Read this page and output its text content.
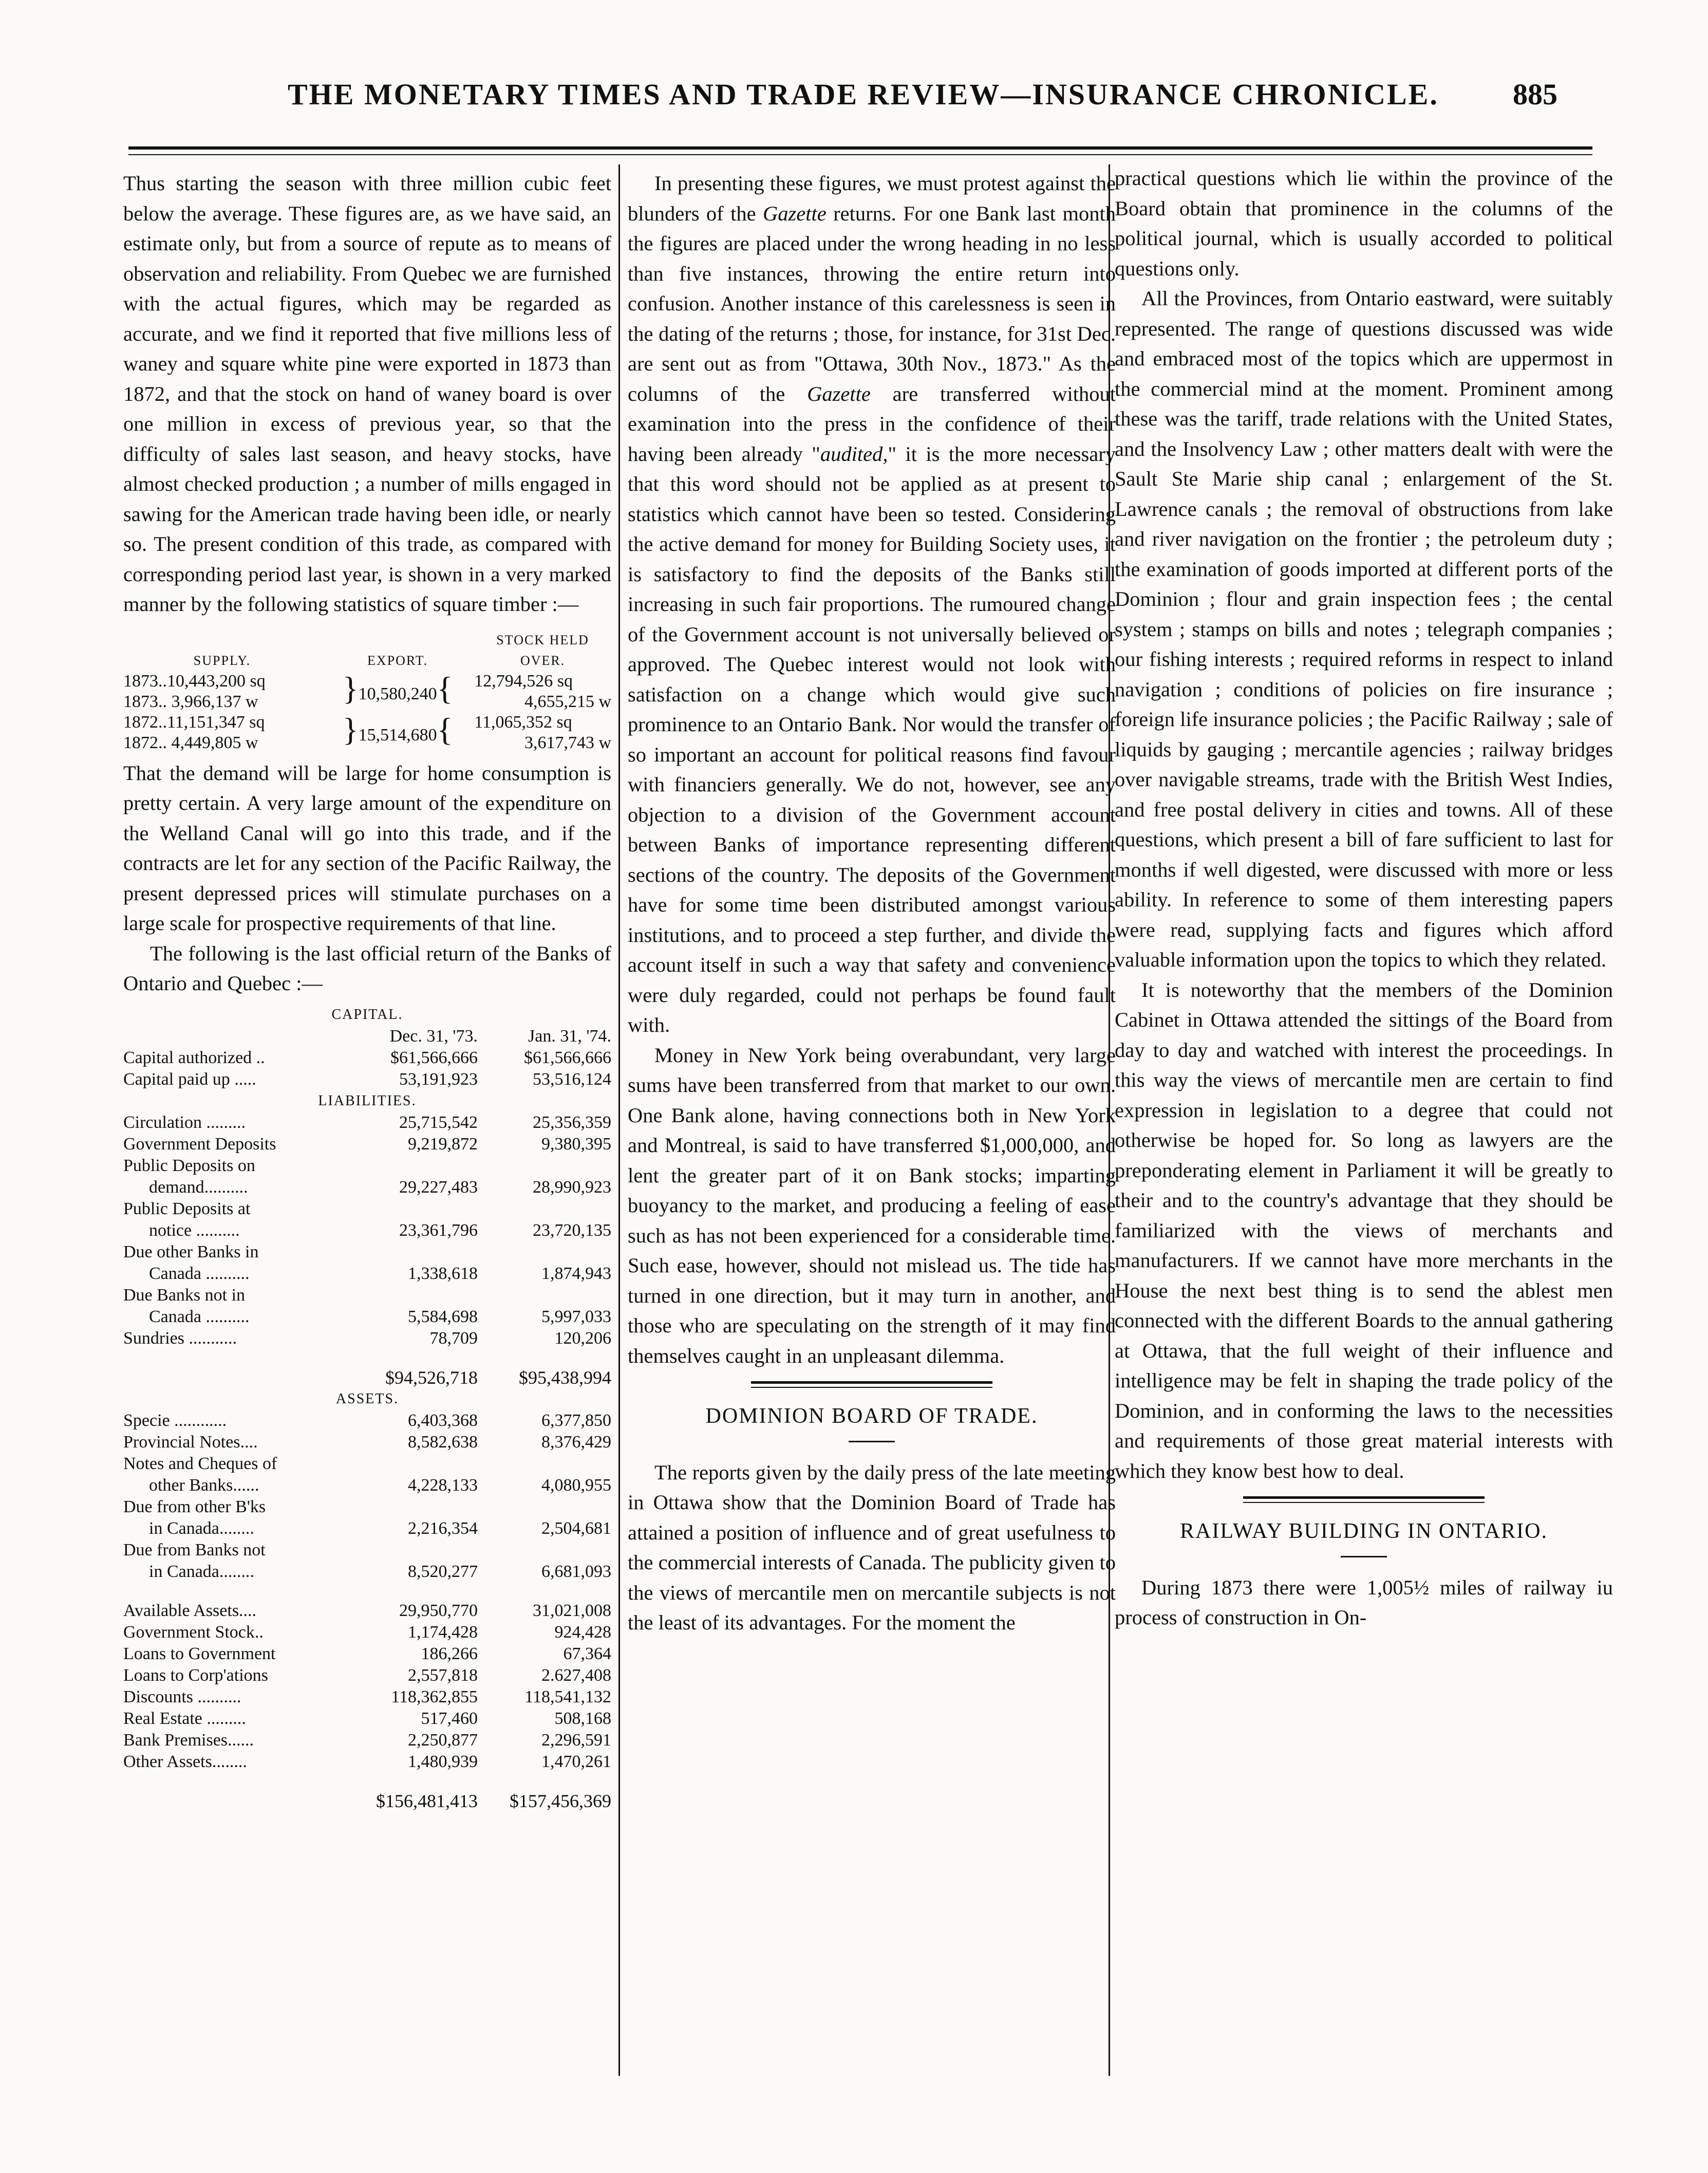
THE MONETARY TIMES AND TRADE REVIEW—INSURANCE CHRONICLE. 885

Thus starting the season with three million cubic feet below the average. These figures are, as we have said, an estimate only, but from a source of repute as to means of observation and reliability. From Quebec we are furnished with the actual figures, which may be regarded as accurate, and we find it reported that five millions less of waney and square white pine were exported in 1873 than 1872, and that the stock on hand of waney board is over one million in excess of previous year, so that the difficulty of sales last season, and heavy stocks, have almost checked production ; a number of mills engaged in sawing for the American trade having been idle, or nearly so. The present condition of this trade, as compared with corresponding period last year, is shown in a very marked manner by the following statistics of square timber :—

		STOCK HELD
SUPPLY.	EXPORT.	OVER.
1873..10,443,200 sq	}10,580,240{	12,794,526 sq
1873.. 3,966,137 w		4,655,215 w
1872..11,151,347 sq	}15,514,680{	11,065,352 sq
1872.. 4,449,805 w		3,617,743 w

That the demand will be large for home consumption is pretty certain. A very large amount of the expenditure on the Welland Canal will go into this trade, and if the contracts are let for any section of the Pacific Railway, the present depressed prices will stimulate purchases on a large scale for prospective requirements of that line.

The following is the last official return of the Banks of Ontario and Quebec :—

CAPITAL.		
	Dec. 31, '73.	Jan. 31, '74.
Capital authorized ..	$61,566,666	$61,566,666
Capital paid up .....	53,191,923	53,516,124
LIABILITIES.		
Circulation .........	25,715,542	25,356,359
Government Deposits	9,219,872	9,380,395
Public Deposits on		
demand..........	29,227,483	28,990,923
Public Deposits at		
notice ..........	23,361,796	23,720,135
Due other Banks in		
Canada ..........	1,338,618	1,874,943
Due Banks not in		
Canada ..........	5,584,698	5,997,033
Sundries ...........	78,709	120,206
	$94,526,718	$95,438,994
ASSETS.		
Specie ............	6,403,368	6,377,850
Provincial Notes....	8,582,638	8,376,429
Notes and Cheques of		
other Banks......	4,228,133	4,080,955
Due from other B'ks		
in Canada........	2,216,354	2,504,681
Due from Banks not		
in Canada........	8,520,277	6,681,093

Available Assets....	29,950,770	31,021,008
Government Stock..	1,174,428	924,428
Loans to Government	186,266	67,364
Loans to Corp'ations	2,557,818	2.627,408
Discounts ..........	118,362,855	118,541,132
Real Estate .........	517,460	508,168
Bank Premises......	2,250,877	2,296,591
Other Assets........	1,480,939	1,470,261
	$156,481,413	$157,456,369

In presenting these figures, we must protest against the blunders of the Gazette returns. For one Bank last month the figures are placed under the wrong heading in no less than five instances, throwing the entire return into confusion. Another instance of this carelessness is seen in the dating of the returns ; those, for instance, for 31st Dec. are sent out as from "Ottawa, 30th Nov., 1873." As the columns of the Gazette are transferred without examination into the press in the confidence of their having been already "audited," it is the more necessary that this word should not be applied as at present to statistics which cannot have been so tested. Considering the active demand for money for Building Society uses, it is satisfactory to find the deposits of the Banks still increasing in such fair proportions. The rumoured change of the Government account is not universally believed or approved. The Quebec interest would not look with satisfaction on a change which would give such prominence to an Ontario Bank. Nor would the transfer of so important an account for political reasons find favour with financiers generally. We do not, however, see any objection to a division of the Government account between Banks of importance representing different sections of the country. The deposits of the Government have for some time been distributed amongst various institutions, and to proceed a step further, and divide the account itself in such a way that safety and convenience were duly regarded, could not perhaps be found fault with.

Money in New York being overabundant, very large sums have been transferred from that market to our own. One Bank alone, having connections both in New York and Montreal, is said to have transferred $1,000,000, and lent the greater part of it on Bank stocks; imparting buoyancy to the market, and producing a feeling of ease such as has not been experienced for a considerable time. Such ease, however, should not mislead us. The tide has turned in one direction, but it may turn in another, and those who are speculating on the strength of it may find themselves caught in an unpleasant dilemma.

DOMINION BOARD OF TRADE.

The reports given by the daily press of the late meeting in Ottawa show that the Dominion Board of Trade has attained a position of influence and of great usefulness to the commercial interests of Canada. The publicity given to the views of mercantile men on mercantile subjects is not the least of its advantages. For the moment the

practical questions which lie within the province of the Board obtain that prominence in the columns of the political journal, which is usually accorded to political questions only.

All the Provinces, from Ontario eastward, were suitably represented. The range of questions discussed was wide and embraced most of the topics which are uppermost in the commercial mind at the moment. Prominent among these was the tariff, trade relations with the United States, and the Insolvency Law ; other matters dealt with were the Sault Ste Marie ship canal ; enlargement of the St. Lawrence canals ; the removal of obstructions from lake and river navigation on the frontier ; the petroleum duty ; the examination of goods imported at different ports of the Dominion ; flour and grain inspection fees ; the cental system ; stamps on bills and notes ; telegraph companies ; our fishing interests ; required reforms in respect to inland navigation ; conditions of policies on fire insurance ; foreign life insurance policies ; the Pacific Railway ; sale of liquids by gauging ; mercantile agencies ; railway bridges over navigable streams, trade with the British West Indies, and free postal delivery in cities and towns. All of these questions, which present a bill of fare sufficient to last for months if well digested, were discussed with more or less ability. In reference to some of them interesting papers were read, supplying facts and figures which afford valuable information upon the topics to which they related.

It is noteworthy that the members of the Dominion Cabinet in Ottawa attended the sittings of the Board from day to day and watched with interest the proceedings. In this way the views of mercantile men are certain to find expression in legislation to a degree that could not otherwise be hoped for. So long as lawyers are the preponderating element in Parliament it will be greatly to their and to the country's advantage that they should be familiarized with the views of merchants and manufacturers. If we cannot have more merchants in the House the next best thing is to send the ablest men connected with the different Boards to the annual gathering at Ottawa, that the full weight of their influence and intelligence may be felt in shaping the trade policy of the Dominion, and in conforming the laws to the necessities and requirements of those great material interests with which they know best how to deal.

RAILWAY BUILDING IN ONTARIO.

During 1873 there were 1,005½ miles of railway iu process of construction in On-
